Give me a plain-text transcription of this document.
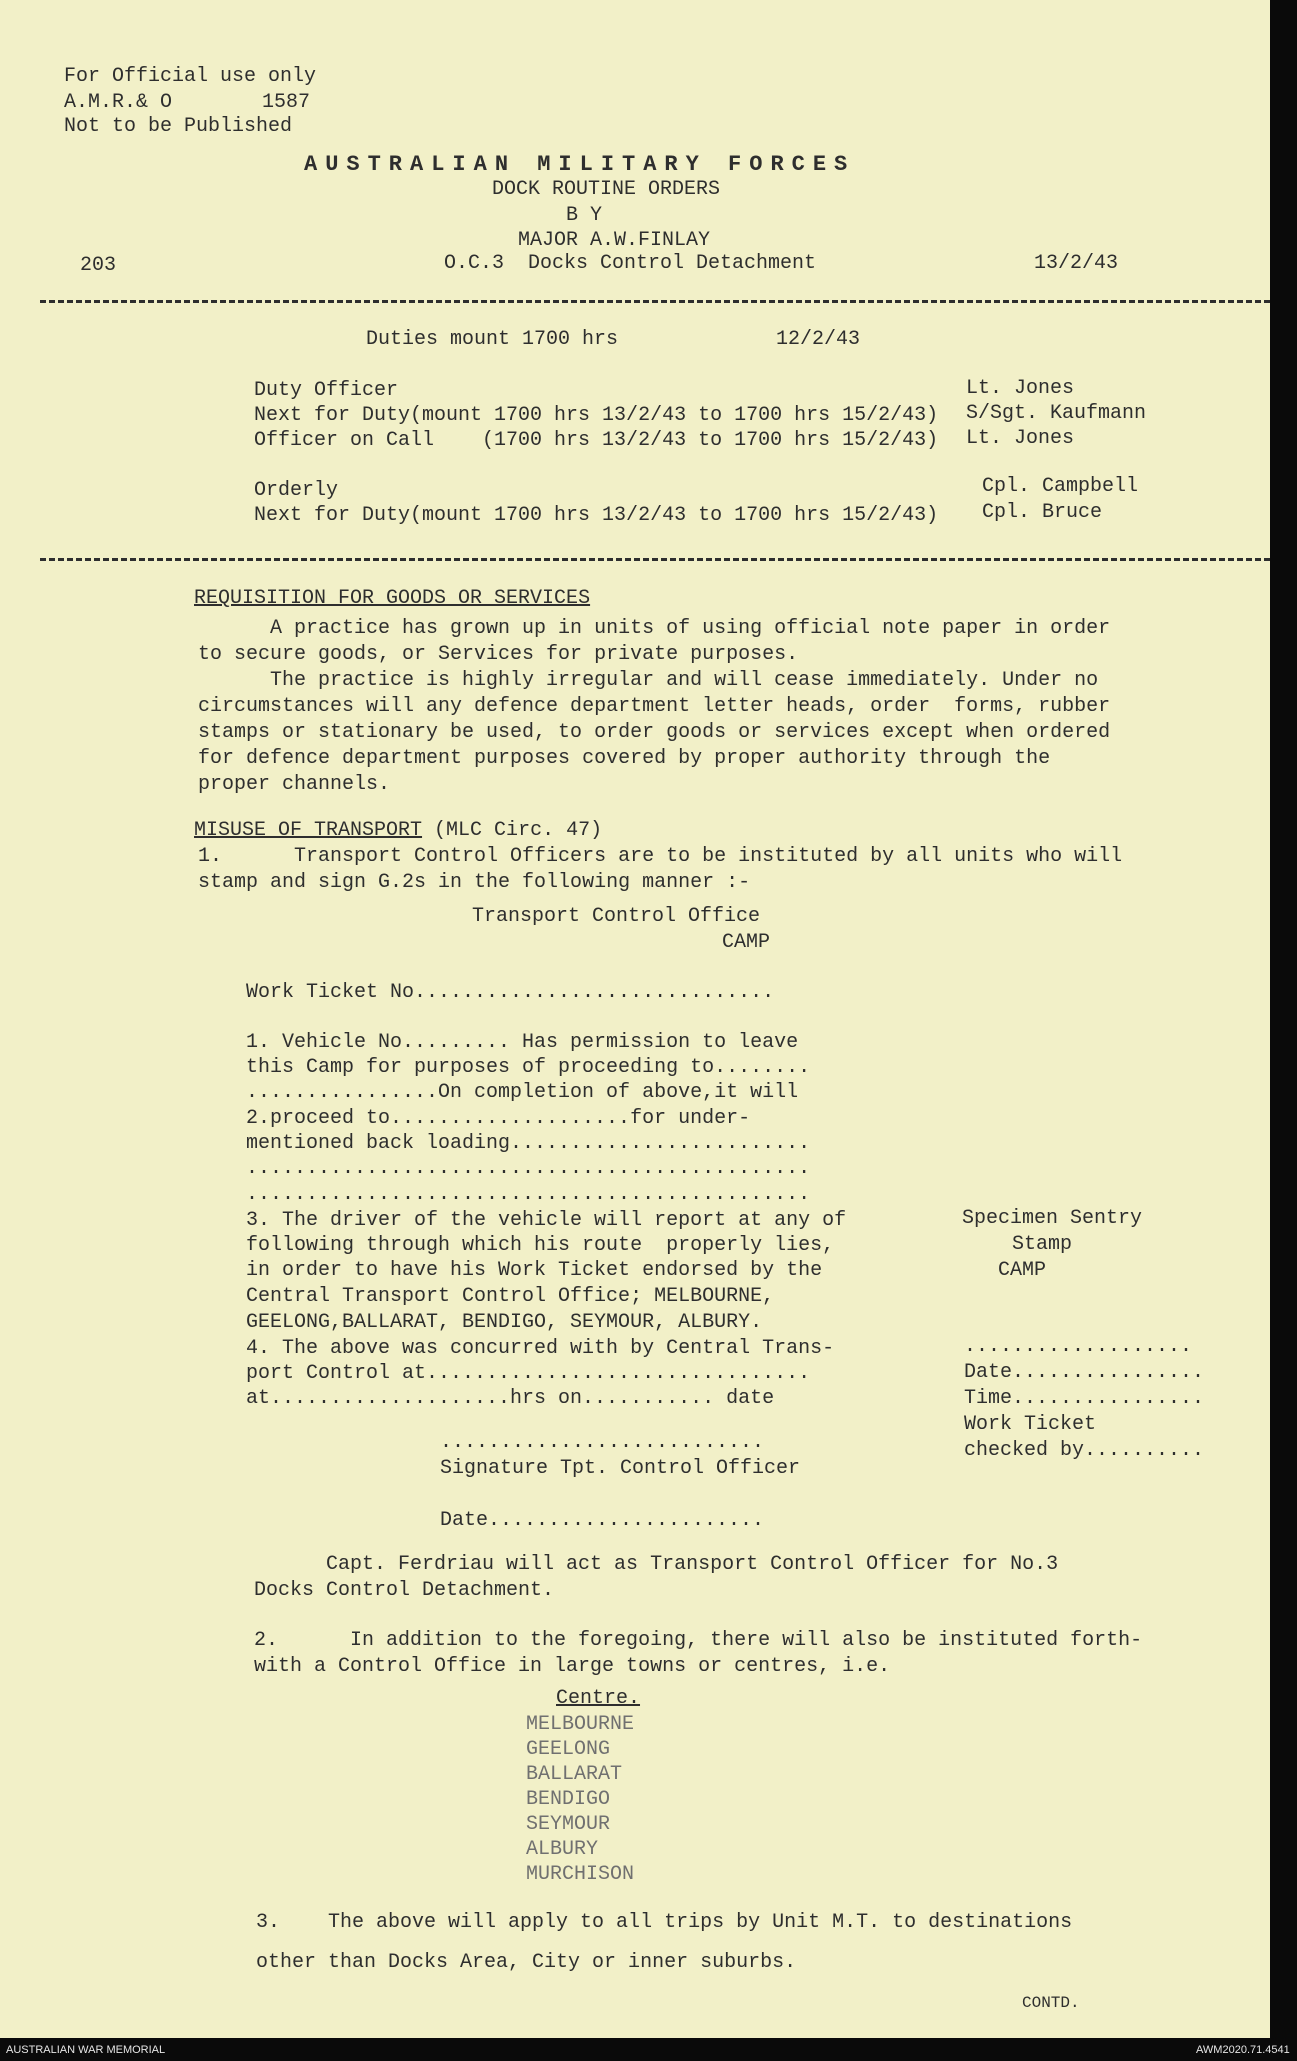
For Official use only
A.M.R.& O	1587
Not to be Published
AUSTRALIAN MILITARY FORCES
DOCK ROUTINE ORDERS
B Y
MAJOR A.W.FINLAY
203	O.C.3  Docks Control Detachment	13/2/43
Duties mount 1700 hrs	12/2/43
Duty Officer	Lt. Jones
Next for Duty(mount 1700 hrs 13/2/43 to 1700 hrs 15/2/43) S/Sgt. Kaufmann
Officer on Call    (1700 hrs 13/2/43 to 1700 hrs 15/2/43) Lt. Jones
Orderly	Cpl. Campbell
Next for Duty(mount 1700 hrs 13/2/43 to 1700 hrs 15/2/43) Cpl. Bruce
REQUISITION FOR GOODS OR SERVICES
A practice has grown up in units of using official note paper in order
to secure goods, or Services for private purposes.
The practice is highly irregular and will cease immediately. Under no
circumstances will any defence department letter heads, order  forms, rubber
stamps or stationary be used, to order goods or services except when ordered
for defence department purposes covered by proper authority through the
proper channels.
MISUSE OF TRANSPORT (MLC Circ. 47)
1.      Transport Control Officers are to be instituted by all units who will
stamp and sign G.2s in the following manner :-
Transport Control Office
CAMP
Work Ticket No..............................
1. Vehicle No......... Has permission to leave
this Camp for purposes of proceeding to........
................On completion of above,it will
2.proceed to....................for under-
mentioned back loading.........................
...............................................
...............................................
3. The driver of the vehicle will report at any of
following through which his route  properly lies,
in order to have his Work Ticket endorsed by the
Central Transport Control Office; MELBOURNE,
GEELONG,BALLARAT, BENDIGO, SEYMOUR, ALBURY.
4. The above was concurred with by Central Trans-
port Control at................................
at....................hrs on........... date
Specimen Sentry
Stamp
CAMP
...................
Date................
Time................
Work Ticket
checked by..........
...........................
Signature Tpt. Control Officer
Date.......................
Capt. Ferdriau will act as Transport Control Officer for No.3
Docks Control Detachment.
2.      In addition to the foregoing, there will also be instituted forth-
with a Control Office in large towns or centres, i.e.
Centre.
MELBOURNE
GEELONG
BALLARAT
BENDIGO
SEYMOUR
ALBURY
MURCHISON
3.    The above will apply to all trips by Unit M.T. to destinations
other than Docks Area, City or inner suburbs.
CONTD.
AUSTRALIAN WAR MEMORIAL	AWM2020.71.4541
